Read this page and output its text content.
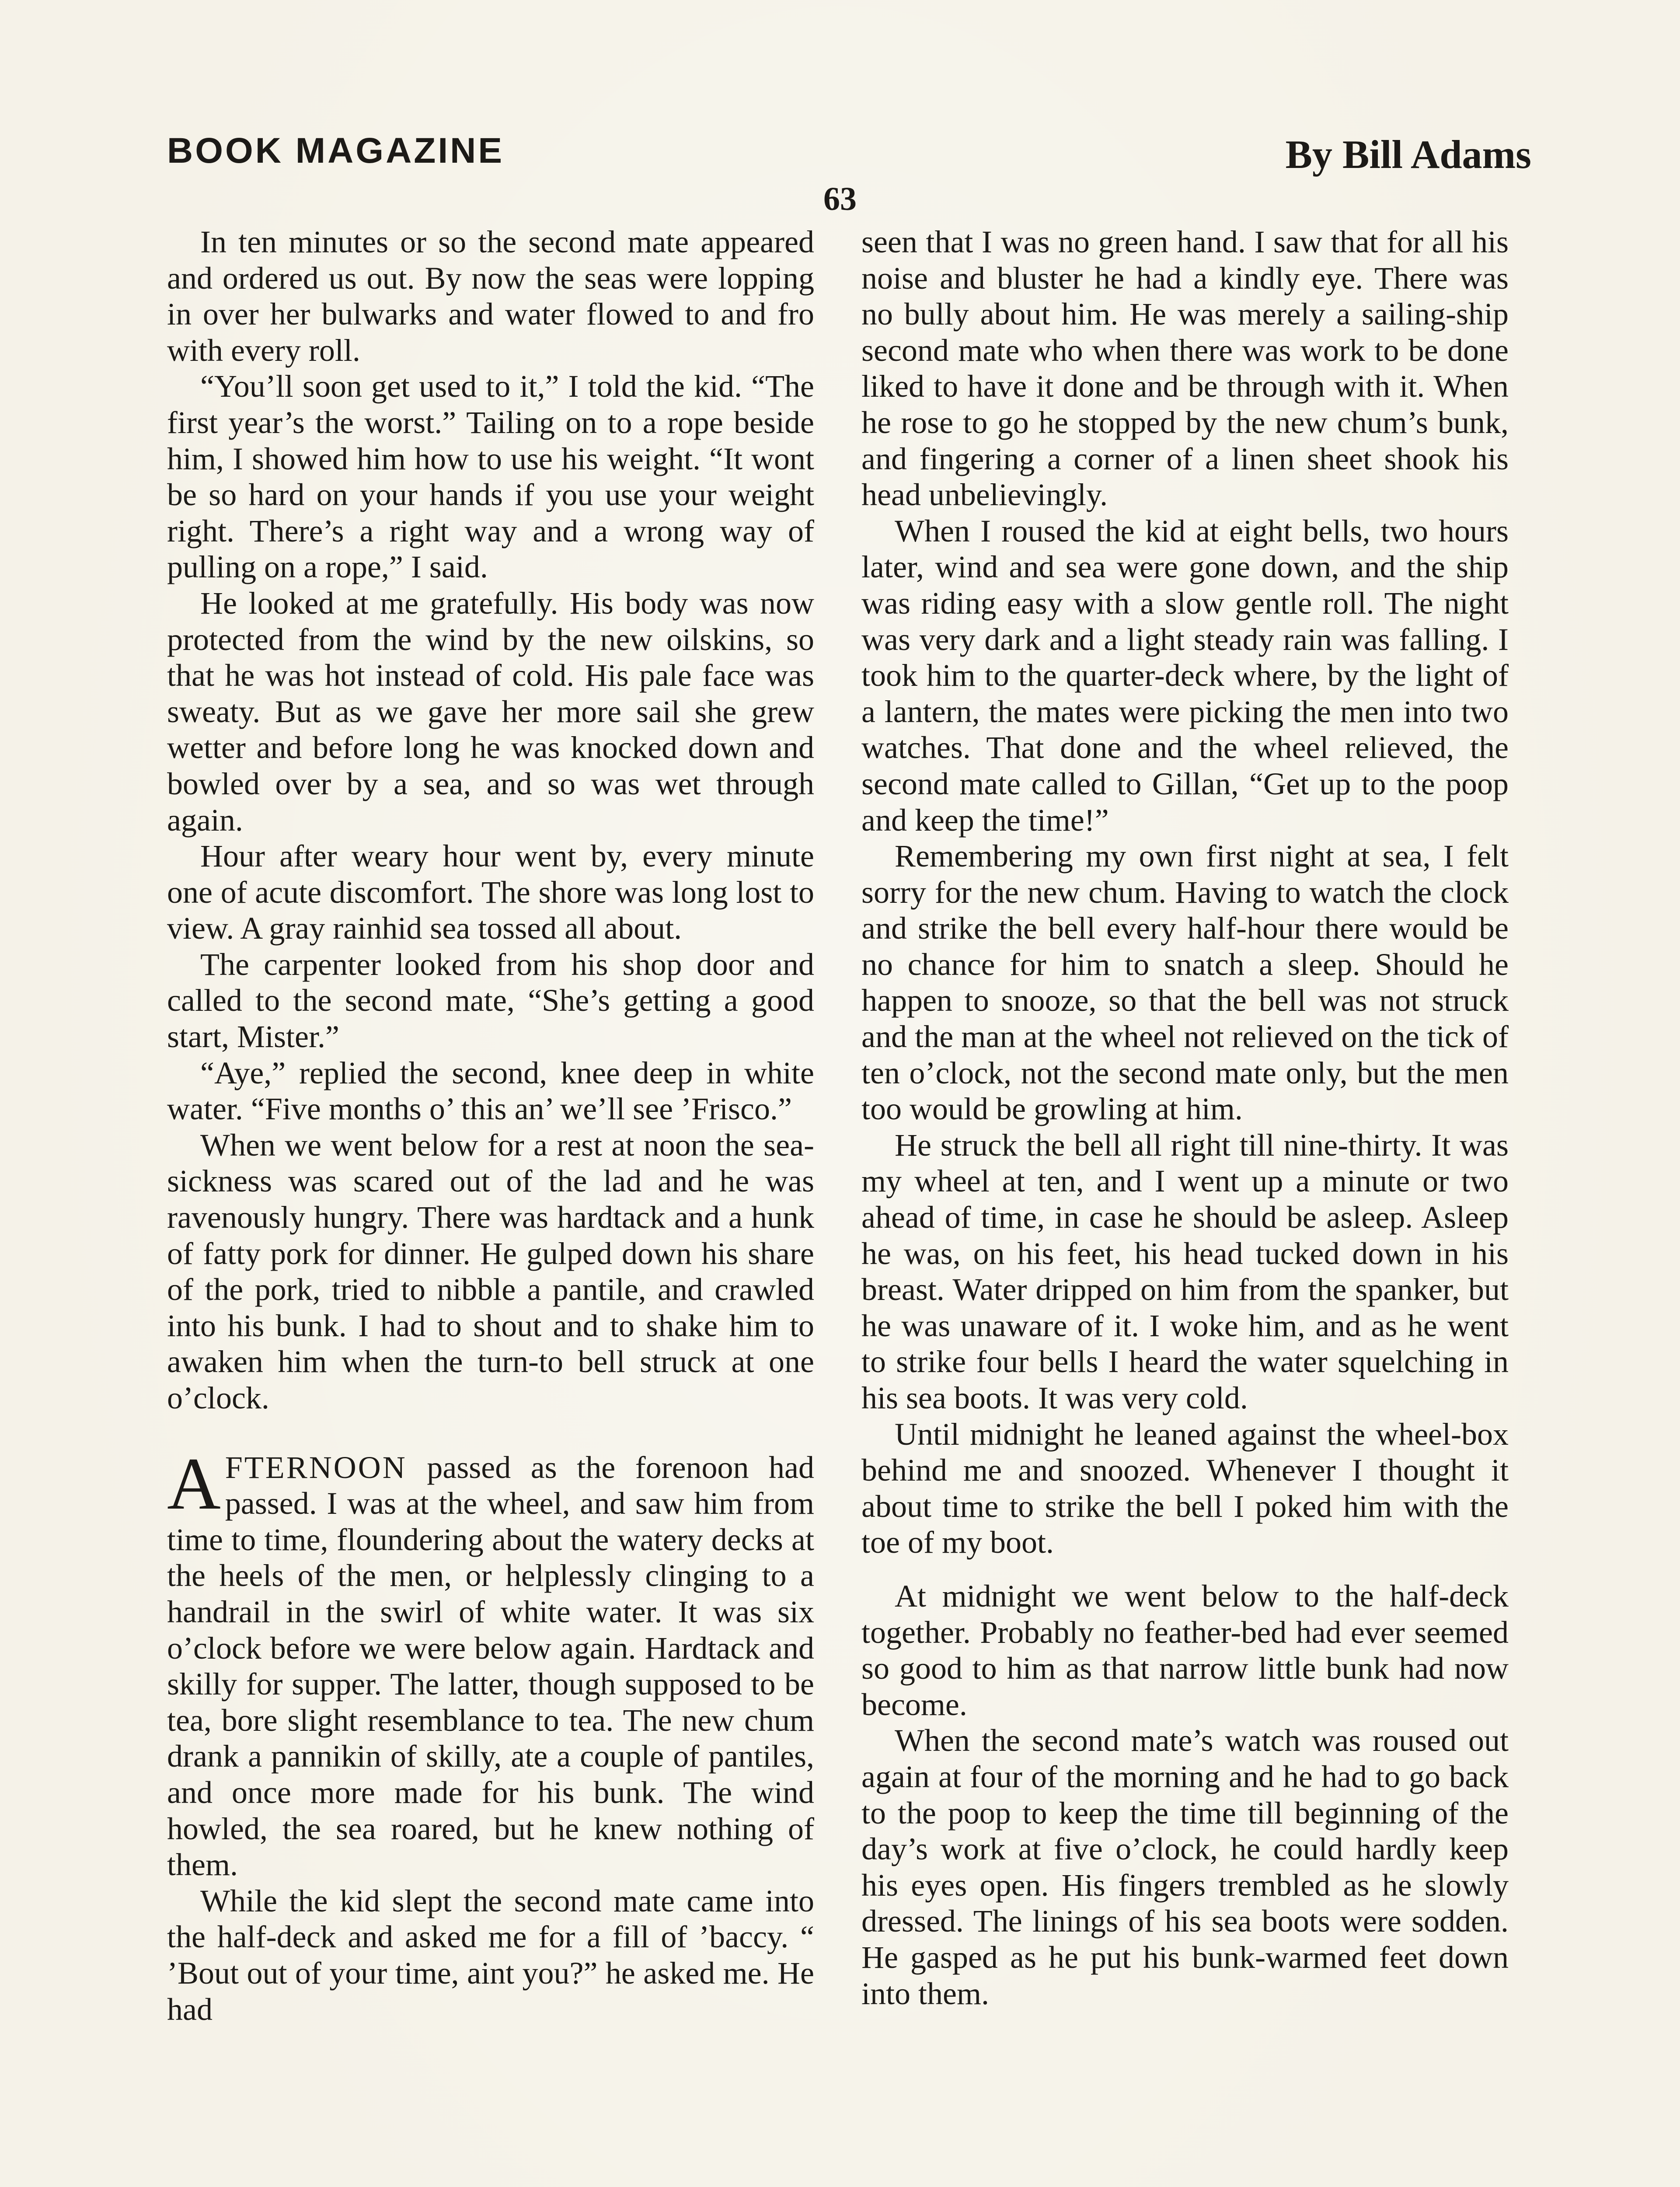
BOOK MAGAZINE	By Bill Adams
63

In ten minutes or so the second mate appeared and ordered us out. By now the seas were lopping in over her bulwarks and water flowed to and fro with every roll.

“You’ll soon get used to it,” I told the kid. “The first year’s the worst.” Tailing on to a rope beside him, I showed him how to use his weight. “It wont be so hard on your hands if you use your weight right. There’s a right way and a wrong way of pulling on a rope,” I said.

He looked at me gratefully. His body was now protected from the wind by the new oilskins, so that he was hot instead of cold. His pale face was sweaty. But as we gave her more sail she grew wetter and before long he was knocked down and bowled over by a sea, and so was wet through again.

Hour after weary hour went by, every minute one of acute discomfort. The shore was long lost to view. A gray rainhid sea tossed all about.

The carpenter looked from his shop door and called to the second mate, “She’s getting a good start, Mister.”

“Aye,” replied the second, knee deep in white water. “Five months o’ this an’ we’ll see ’Frisco.”

When we went below for a rest at noon the sea-sickness was scared out of the lad and he was ravenously hungry. There was hardtack and a hunk of fatty pork for dinner. He gulped down his share of the pork, tried to nibble a pantile, and crawled into his bunk. I had to shout and to shake him to awaken him when the turn-to bell struck at one o’clock.

AFTERNOON passed as the forenoon had passed. I was at the wheel, and saw him from time to time, floundering about the watery decks at the heels of the men, or helplessly clinging to a handrail in the swirl of white water. It was six o’clock before we were below again. Hardtack and skilly for supper. The latter, though supposed to be tea, bore slight resemblance to tea. The new chum drank a pannikin of skilly, ate a couple of pantiles, and once more made for his bunk. The wind howled, the sea roared, but he knew nothing of them.

While the kid slept the second mate came into the half-deck and asked me for a fill of ’baccy. “ ’Bout out of your time, aint you?” he asked me. He had

seen that I was no green hand. I saw that for all his noise and bluster he had a kindly eye. There was no bully about him. He was merely a sailing-ship second mate who when there was work to be done liked to have it done and be through with it. When he rose to go he stopped by the new chum’s bunk, and fingering a corner of a linen sheet shook his head unbelievingly.

When I roused the kid at eight bells, two hours later, wind and sea were gone down, and the ship was riding easy with a slow gentle roll. The night was very dark and a light steady rain was falling. I took him to the quarter-deck where, by the light of a lantern, the mates were picking the men into two watches. That done and the wheel relieved, the second mate called to Gillan, “Get up to the poop and keep the time!”

Remembering my own first night at sea, I felt sorry for the new chum. Having to watch the clock and strike the bell every half-hour there would be no chance for him to snatch a sleep. Should he happen to snooze, so that the bell was not struck and the man at the wheel not relieved on the tick of ten o’clock, not the second mate only, but the men too would be growling at him.

He struck the bell all right till nine-thirty. It was my wheel at ten, and I went up a minute or two ahead of time, in case he should be asleep. Asleep he was, on his feet, his head tucked down in his breast. Water dripped on him from the spanker, but he was unaware of it. I woke him, and as he went to strike four bells I heard the water squelching in his sea boots. It was very cold.

Until midnight he leaned against the wheel-box behind me and snoozed. Whenever I thought it about time to strike the bell I poked him with the toe of my boot.

At midnight we went below to the half-deck together. Probably no feather-bed had ever seemed so good to him as that narrow little bunk had now become.

When the second mate’s watch was roused out again at four of the morning and he had to go back to the poop to keep the time till beginning of the day’s work at five o’clock, he could hardly keep his eyes open. His fingers trembled as he slowly dressed. The linings of his sea boots were sodden. He gasped as he put his bunk-warmed feet down into them.
